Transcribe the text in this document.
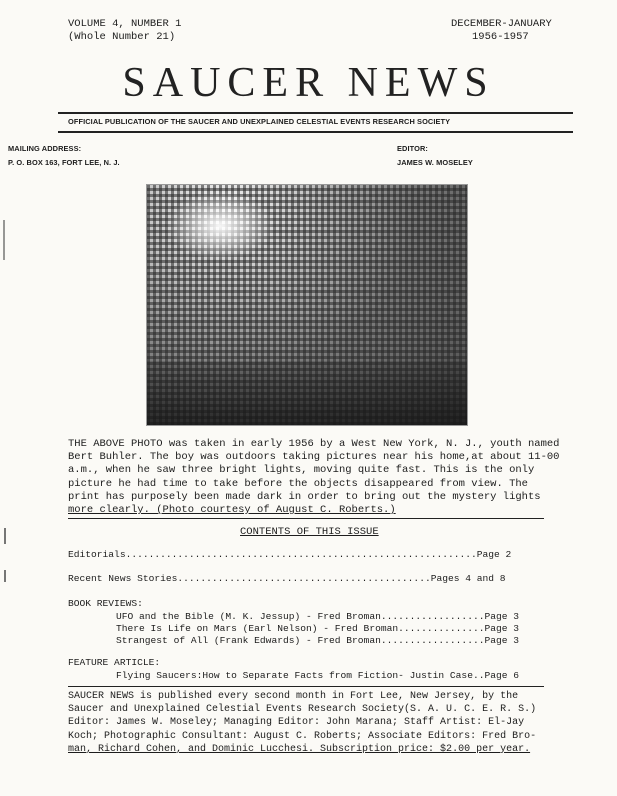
VOLUME 4, NUMBER 1
(Whole Number 21)
DECEMBER-JANUARY
1956-1957
SAUCER NEWS
OFFICIAL PUBLICATION OF THE SAUCER AND UNEXPLAINED CELESTIAL EVENTS RESEARCH SOCIETY
MAILING ADDRESS:
P. O. BOX 163, FORT LEE, N. J.
EDITOR:
JAMES W. MOSELEY
THE ABOVE PHOTO was taken in early 1956 by a West New York, N. J., youth named
Bert Buhler. The boy was outdoors taking pictures near his home,at about 11-00
a.m., when he saw three bright lights, moving quite fast. This is the only
picture he had time to take before the objects disappeared from view. The
print has purposely been made dark in order to bring out the mystery lights
more clearly. (Photo courtesy of August C. Roberts.)
CONTENTS OF THIS ISSUE
Editorials.............................................................Page 2
Recent News Stories............................................Pages 4 and 8
BOOK REVIEWS:
UFO and the Bible (M. K. Jessup) - Fred Broman..................Page 3
There Is Life on Mars (Earl Nelson) - Fred Broman...............Page 3
Strangest of All (Frank Edwards) - Fred Broman..................Page 3
FEATURE ARTICLE:
Flying Saucers:How to Separate Facts from Fiction- Justin Case..Page 6
SAUCER NEWS is published every second month in Fort Lee, New Jersey, by the
Saucer and Unexplained Celestial Events Research Society(S. A. U. C. E. R. S.)
Editor: James W. Moseley; Managing Editor: John Marana; Staff Artist: El-Jay
Koch; Photographic Consultant: August C. Roberts; Associate Editors: Fred Bro-
man, Richard Cohen, and Dominic Lucchesi. Subscription price: $2.00 per year.
